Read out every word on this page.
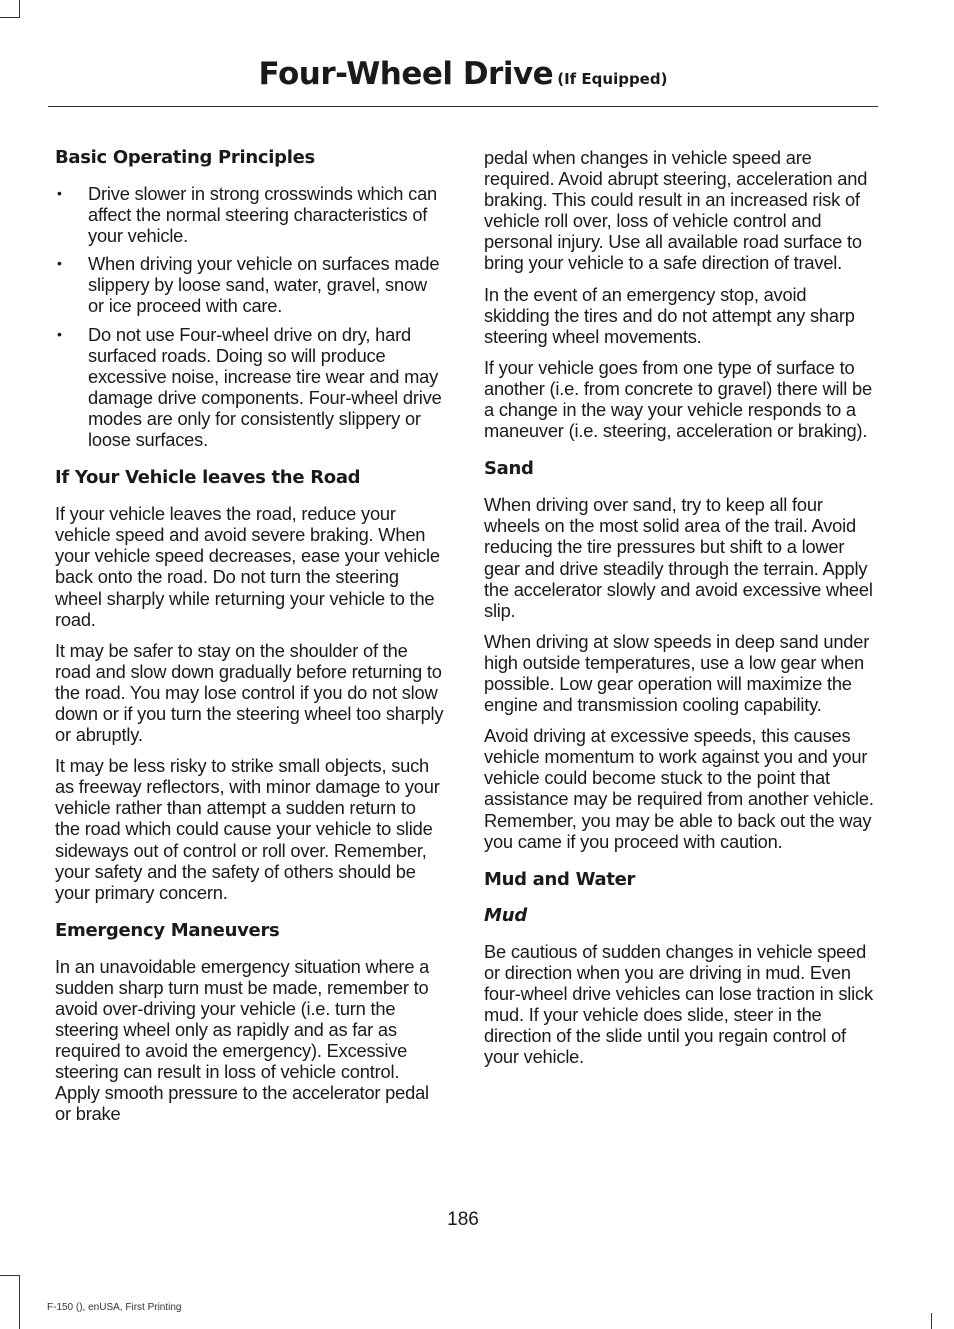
Four-Wheel Drive (If Equipped)
Basic Operating Principles
• Drive slower in strong crosswinds which can affect the normal steering characteristics of your vehicle.
• When driving your vehicle on surfaces made slippery by loose sand, water, gravel, snow or ice proceed with care.
• Do not use Four-wheel drive on dry, hard surfaced roads. Doing so will produce excessive noise, increase tire wear and may damage drive components. Four-wheel drive modes are only for consistently slippery or loose surfaces.
If Your Vehicle leaves the Road

If your vehicle leaves the road, reduce your vehicle speed and avoid severe braking. When your vehicle speed decreases, ease your vehicle back onto the road. Do not turn the steering wheel sharply while returning your vehicle to the road.

It may be safer to stay on the shoulder of the road and slow down gradually before returning to the road. You may lose control if you do not slow down or if you turn the steering wheel too sharply or abruptly.

It may be less risky to strike small objects, such as freeway reflectors, with minor damage to your vehicle rather than attempt a sudden return to the road which could cause your vehicle to slide sideways out of control or roll over. Remember, your safety and the safety of others should be your primary concern.

Emergency Maneuvers

In an unavoidable emergency situation where a sudden sharp turn must be made, remember to avoid over-driving your vehicle (i.e. turn the steering wheel only as rapidly and as far as required to avoid the emergency). Excessive steering can result in loss of vehicle control. Apply smooth pressure to the accelerator pedal or brake

pedal when changes in vehicle speed are required. Avoid abrupt steering, acceleration and braking. This could result in an increased risk of vehicle roll over, loss of vehicle control and personal injury. Use all available road surface to bring your vehicle to a safe direction of travel.

In the event of an emergency stop, avoid skidding the tires and do not attempt any sharp steering wheel movements.

If your vehicle goes from one type of surface to another (i.e. from concrete to gravel) there will be a change in the way your vehicle responds to a maneuver (i.e. steering, acceleration or braking).

Sand

When driving over sand, try to keep all four wheels on the most solid area of the trail. Avoid reducing the tire pressures but shift to a lower gear and drive steadily through the terrain. Apply the accelerator slowly and avoid excessive wheel slip.

When driving at slow speeds in deep sand under high outside temperatures, use a low gear when possible. Low gear operation will maximize the engine and transmission cooling capability.

Avoid driving at excessive speeds, this causes vehicle momentum to work against you and your vehicle could become stuck to the point that assistance may be required from another vehicle. Remember, you may be able to back out the way you came if you proceed with caution.

Mud and Water
Mud

Be cautious of sudden changes in vehicle speed or direction when you are driving in mud. Even four-wheel drive vehicles can lose traction in slick mud. If your vehicle does slide, steer in the direction of the slide until you regain control of your vehicle.

186
F-150 (), enUSA, First Printing
